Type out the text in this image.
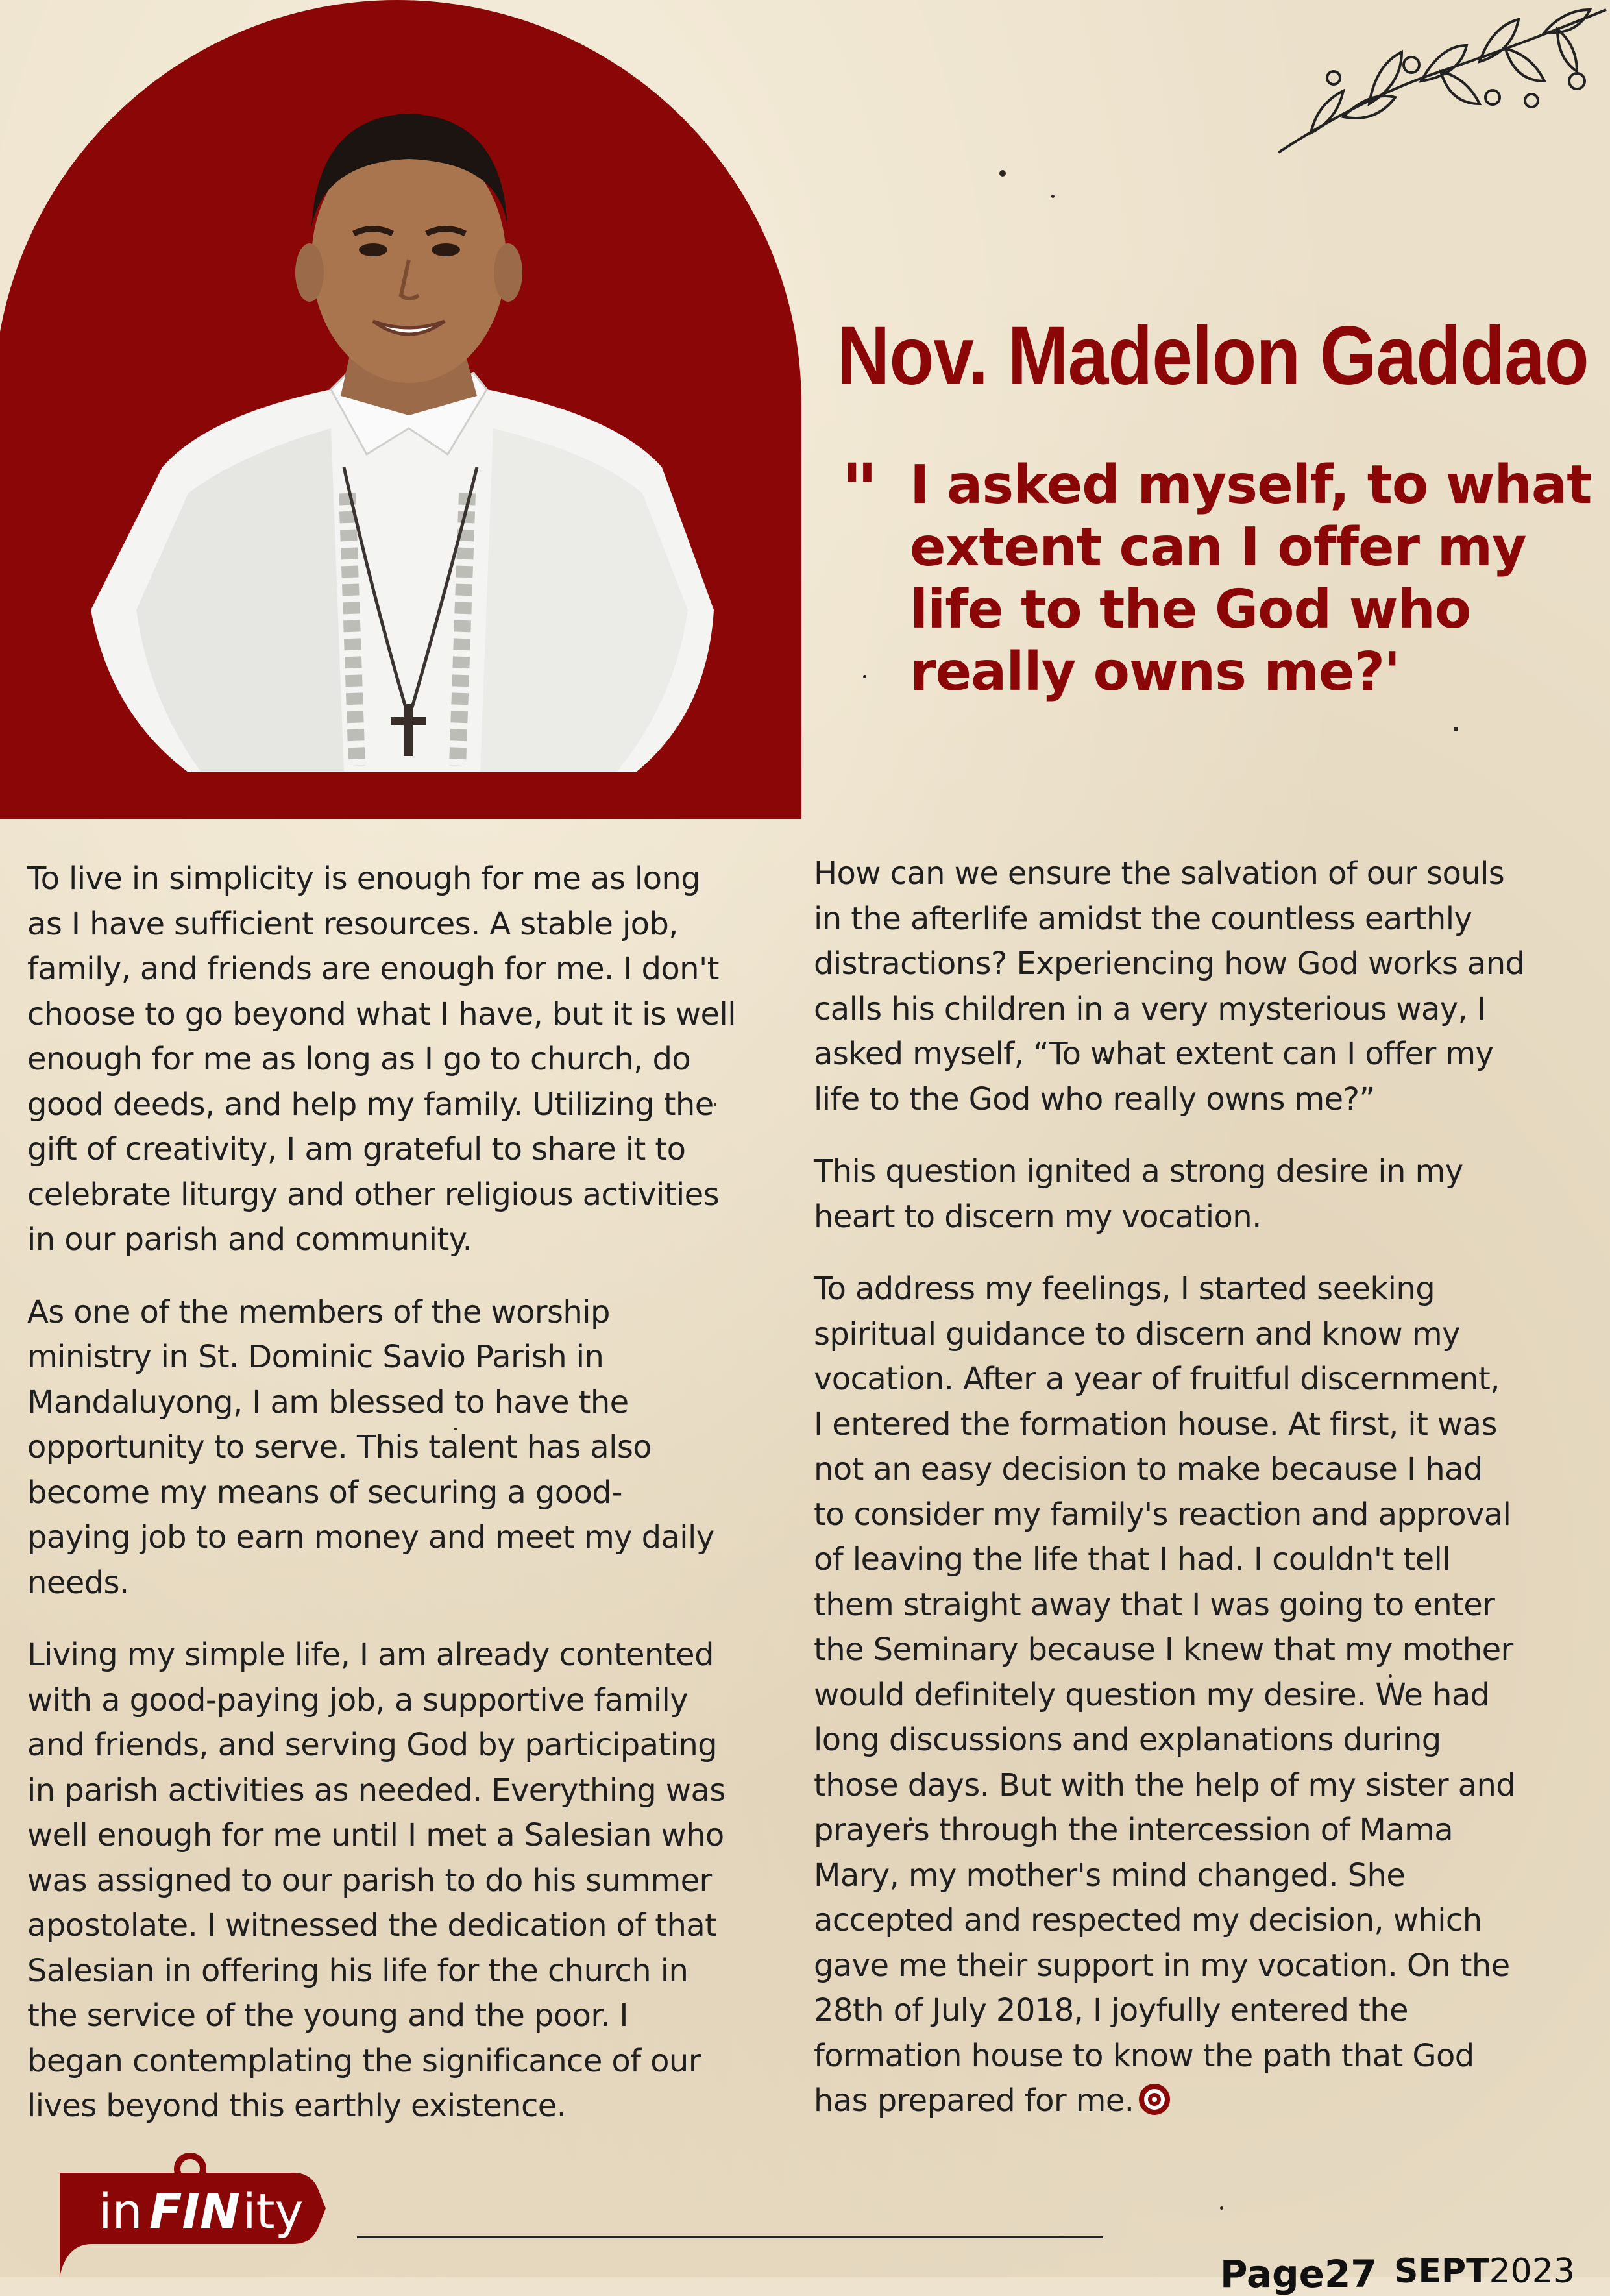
Nov. Madelon Gaddao
" I asked myself, to what extent can I offer my life to the God who really owns me?'

To live in simplicity is enough for me as long
as I have sufficient resources. A stable job,
family, and friends are enough for me. I don't
choose to go beyond what I have, but it is well
enough for me as long as I go to church, do
good deeds, and help my family. Utilizing the
gift of creativity, I am grateful to share it to
celebrate liturgy and other religious activities
in our parish and community.

As one of the members of the worship
ministry in St. Dominic Savio Parish in
Mandaluyong, I am blessed to have the
opportunity to serve. This talent has also
become my means of securing a good-
paying job to earn money and meet my daily
needs.

Living my simple life, I am already contented
with a good-paying job, a supportive family
and friends, and serving God by participating
in parish activities as needed. Everything was
well enough for me until I met a Salesian who
was assigned to our parish to do his summer
apostolate. I witnessed the dedication of that
Salesian in offering his life for the church in
the service of the young and the poor. I
began contemplating the significance of our
lives beyond this earthly existence.

How can we ensure the salvation of our souls
in the afterlife amidst the countless earthly
distractions? Experiencing how God works and
calls his children in a very mysterious way, I
asked myself, “To what extent can I offer my
life to the God who really owns me?”

This question ignited a strong desire in my
heart to discern my vocation.

To address my feelings, I started seeking
spiritual guidance to discern and know my
vocation. After a year of fruitful discernment,
I entered the formation house. At first, it was
not an easy decision to make because I had
to consider my family's reaction and approval
of leaving the life that I had. I couldn't tell
them straight away that I was going to enter
the Seminary because I knew that my mother
would definitely question my desire. We had
long discussions and explanations during
those days. But with the help of my sister and
prayers through the intercession of Mama
Mary, my mother's mind changed. She
accepted and respected my decision, which
gave me their support in my vocation. On the
28th of July 2018, I joyfully entered the
formation house to know the path that God
has prepared for me.

in FIN ity
Page27 SEPT2023
